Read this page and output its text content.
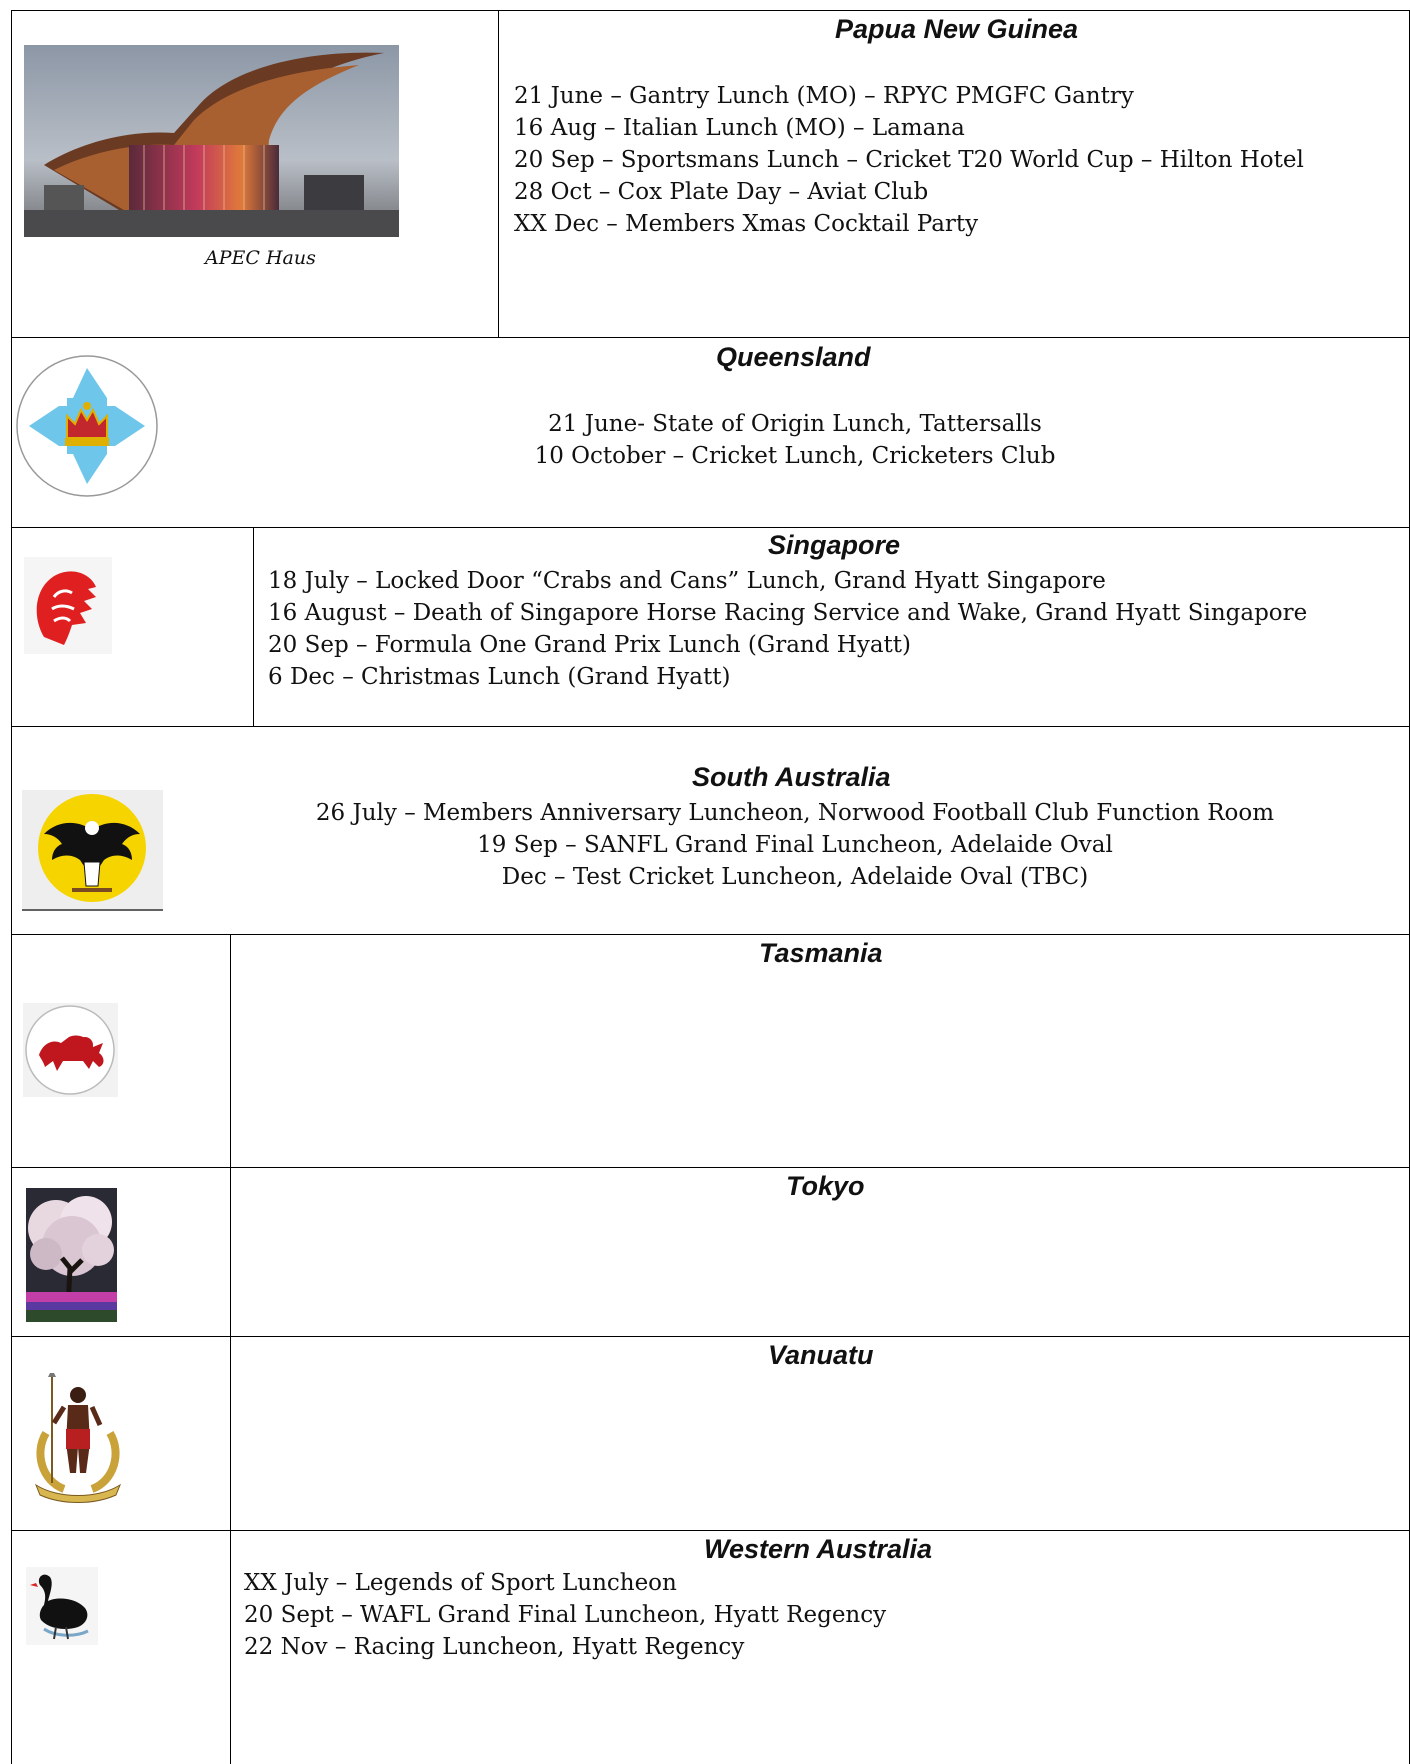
APEC Haus
Papua New Guinea
21 June – Gantry Lunch (MO) – RPYC PMGFC Gantry
16 Aug – Italian Lunch (MO) – Lamana
20 Sep – Sportsmans Lunch – Cricket T20 World Cup – Hilton Hotel
28 Oct – Cox Plate Day – Aviat Club
XX Dec – Members Xmas Cocktail Party
Queensland
21 June- State of Origin Lunch, Tattersalls
10 October – Cricket Lunch, Cricketers Club
Singapore
18 July – Locked Door “Crabs and Cans” Lunch, Grand Hyatt Singapore
16 August – Death of Singapore Horse Racing Service and Wake, Grand Hyatt Singapore
20 Sep – Formula One Grand Prix Lunch (Grand Hyatt)
6 Dec – Christmas Lunch (Grand Hyatt)
South Australia
26 July – Members Anniversary Luncheon, Norwood Football Club Function Room
19 Sep – SANFL Grand Final Luncheon, Adelaide Oval
Dec – Test Cricket Luncheon, Adelaide Oval (TBC)
Tasmania
Tokyo
Vanuatu
Western Australia
XX July – Legends of Sport Luncheon
20 Sept – WAFL Grand Final Luncheon, Hyatt Regency
22 Nov – Racing Luncheon, Hyatt Regency
